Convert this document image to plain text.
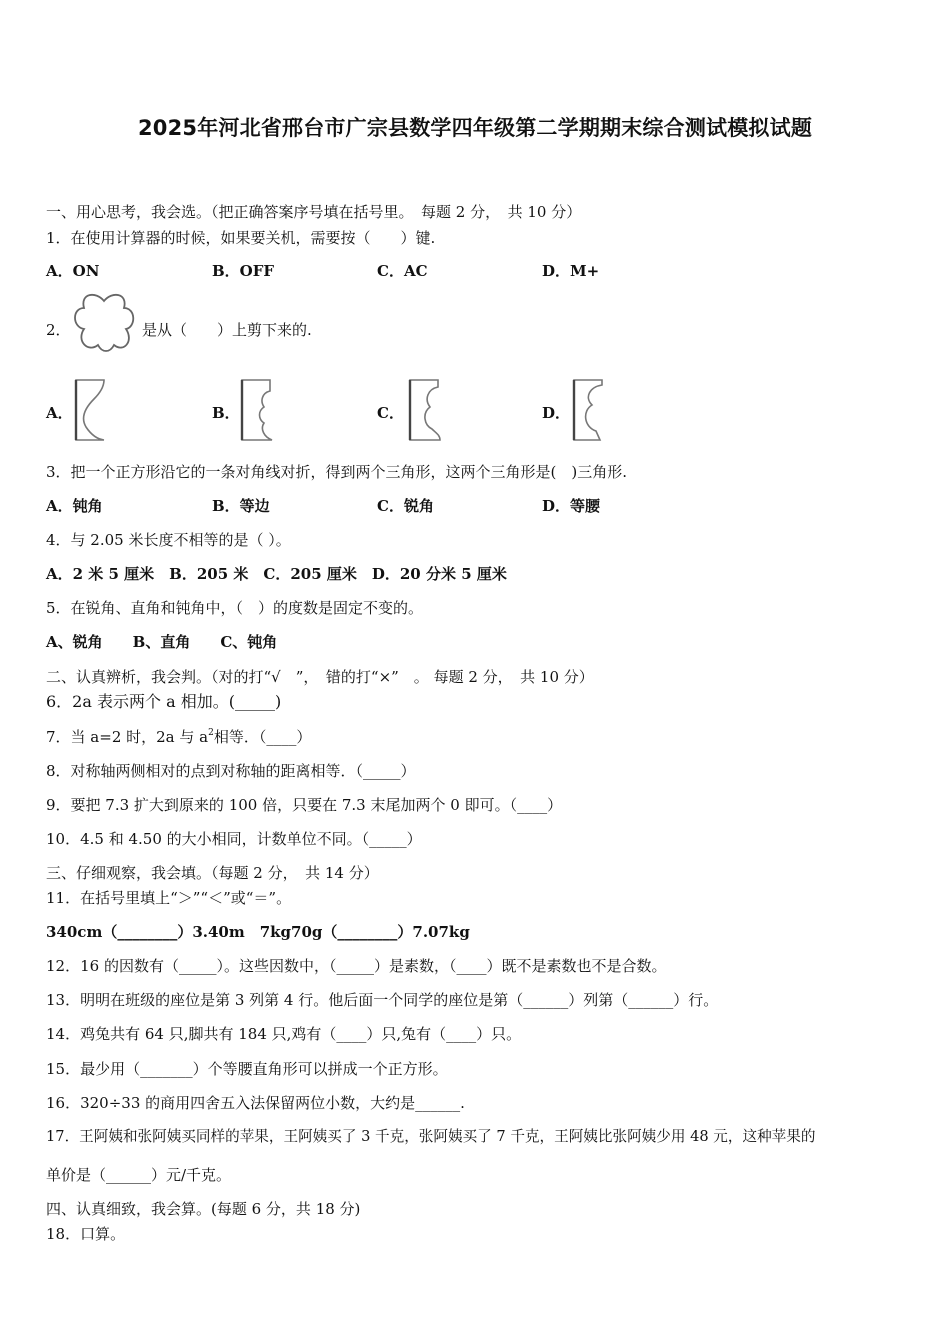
2025年河北省邢台市广宗县数学四年级第二学期期末综合测试模拟试题
一、用心思考，我会选。（把正确答案序号填在括号里。　每题 2 分，　共 10 分）
1．在使用计算器的时候，如果要关机，需要按（　　）键.
A．ON	B．OFF	C．AC	D．M+
2．	是从（　　）上剪下来的.
A．	B．	C．	D．
3．把一个正方形沿它的一条对角线对折，得到两个三角形，这两个三角形是(　)三角形.
A．钝角	B．等边	C．锐角	D．等腰
4．与 2.05 米长度不相等的是（ ）。
A．2 米 5 厘米　B．205 米　C．205 厘米　D．20 分米 5 厘米
5．在锐角、直角和钝角中，（　）的度数是固定不变的。
A、锐角　　B、直角　　C、钝角
二、认真辨析，我会判。（对的打“√　”，　错的打“×”　。 每题 2 分，　共 10 分）
6．2a 表示两个 a 相加。(_____)
7．当 a=2 时，2a 与 $a^2$相等．（____）
8．对称轴两侧相对的点到对称轴的距离相等．（_____）
9．要把 7.3 扩大到原来的 100 倍，只要在 7.3 末尾加两个 0 即可。（____）
10．4.5 和 4.50 的大小相同，计数单位不同。（_____）
三、仔细观察，我会填。（每题 2 分，　共 14 分）
11．在括号里填上“＞”“＜”或“＝”。
340cm（________）3.40m　7kg70g（________）7.07kg
12．16 的因数有（_____）。这些因数中，（_____）是素数，（____）既不是素数也不是合数。
13．明明在班级的座位是第 3 列第 4 行。他后面一个同学的座位是第（______）列第（______）行。
14．鸡兔共有 64 只,脚共有 184 只,鸡有（____）只,兔有（____）只。
15．最少用（_______）个等腰直角形可以拼成一个正方形。
16．320÷33 的商用四舍五入法保留两位小数，大约是______.
17．王阿姨和张阿姨买同样的苹果，王阿姨买了 3 千克，张阿姨买了 7 千克，王阿姨比张阿姨少用 48 元，这种苹果的
单价是（______）元/千克。
四、认真细致，我会算。(每题 6 分，共 18 分)
18．口算。
